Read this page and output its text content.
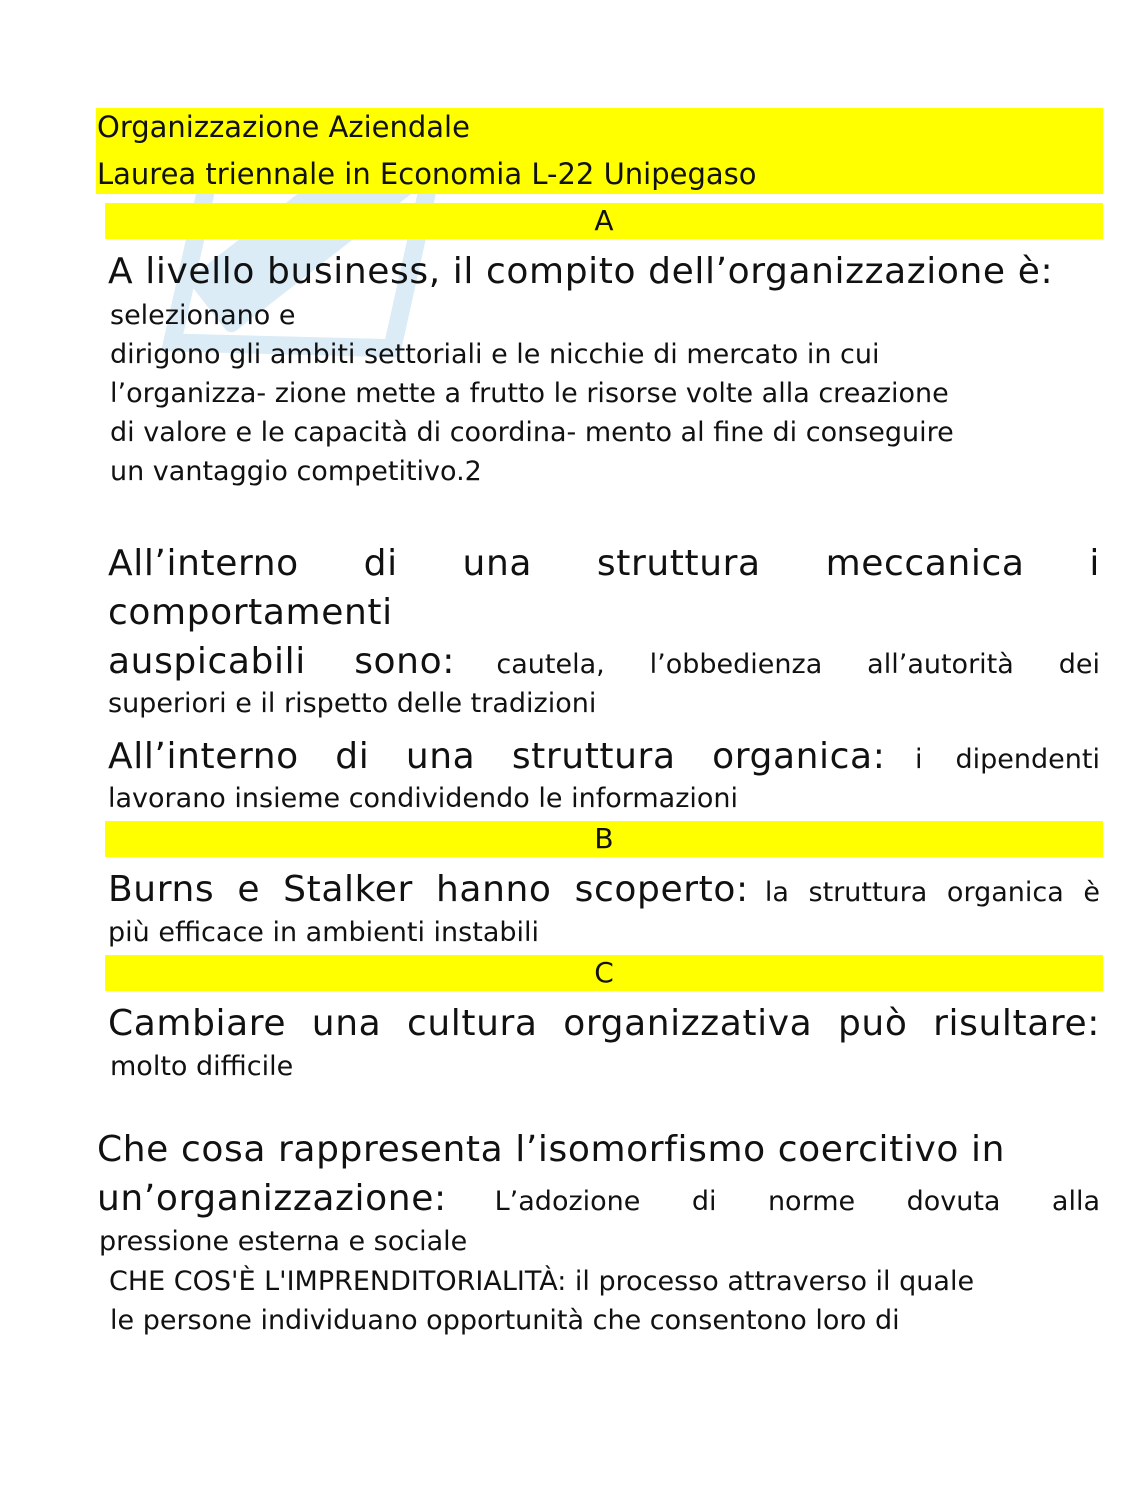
Organizzazione Aziendale
Laurea triennale in Economia L-22 Unipegaso
A
A livello business, il compito dell’organizzazione è:
selezionano e
dirigono gli ambiti settoriali e le nicchie di mercato in cui
l’organizza- zione mette a frutto le risorse volte alla creazione
di valore e le capacità di coordina- mento al fine di conseguire
un vantaggio competitivo.2
All’interno di una struttura meccanica i
comportamenti
auspicabili sono: cautela, l’obbedienza all’autorità dei
superiori e il rispetto delle tradizioni
All’interno di una struttura organica: i dipendenti
lavorano insieme condividendo le informazioni
B
Burns e Stalker hanno scoperto: la struttura organica è
più efficace in ambienti instabili
C
Cambiare una cultura organizzativa può risultare:
molto difficile
Che cosa rappresenta l’isomorfismo coercitivo in
un’organizzazione: L’adozione di norme dovuta alla
pressione esterna e sociale
CHE COS'È L'IMPRENDITORIALITÀ: il processo attraverso il quale
le persone individuano opportunità che consentono loro di
